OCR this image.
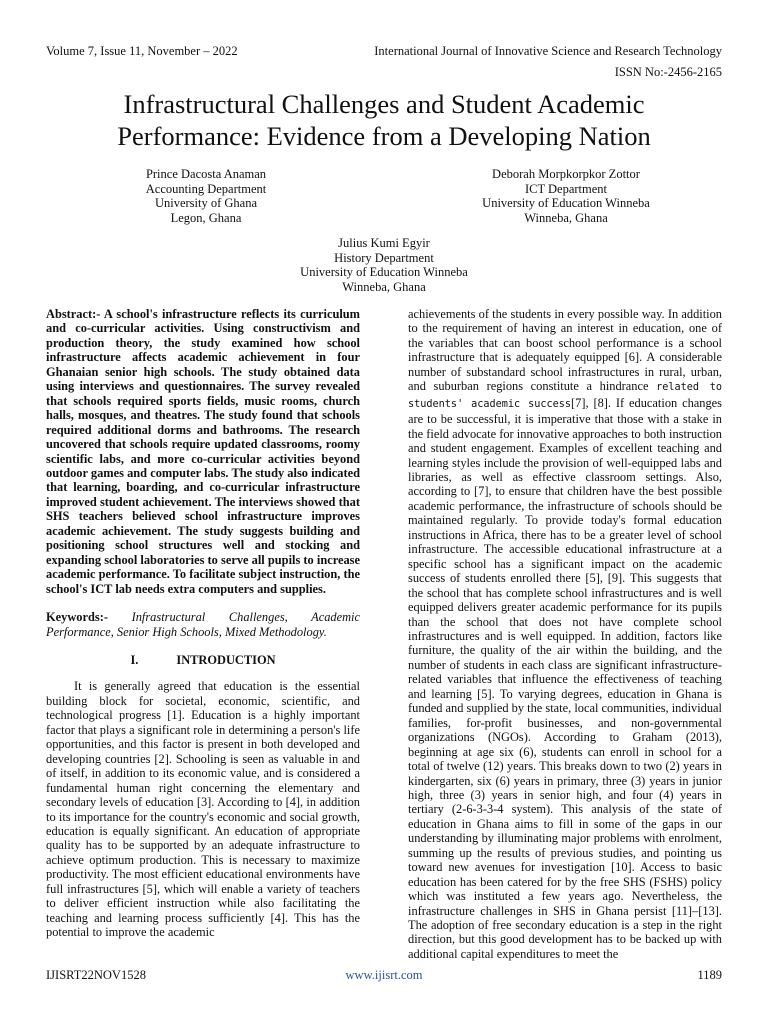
Volume 7, Issue 11, November – 2022	International Journal of Innovative Science and Research Technology
ISSN No:-2456-2165
Infrastructural Challenges and Student Academic
Performance: Evidence from a Developing Nation
Prince Dacosta Anaman
Accounting Department
University of Ghana
Legon, Ghana
Deborah Morpkorpkor Zottor
ICT Department
University of Education Winneba
Winneba, Ghana
Julius Kumi Egyir
History Department
University of Education Winneba
Winneba, Ghana

Abstract:- A school's infrastructure reflects its curriculum and co-curricular activities. Using constructivism and production theory, the study examined how school infrastructure affects academic achievement in four Ghanaian senior high schools. The study obtained data using interviews and questionnaires. The survey revealed that schools required sports fields, music rooms, church halls, mosques, and theatres. The study found that schools required additional dorms and bathrooms. The research uncovered that schools require updated classrooms, roomy scientific labs, and more co-curricular activities beyond outdoor games and computer labs. The study also indicated that learning, boarding, and co-curricular infrastructure improved student achievement. The interviews showed that SHS teachers believed school infrastructure improves academic achievement. The study suggests building and positioning school structures well and stocking and expanding school laboratories to serve all pupils to increase academic performance. To facilitate subject instruction, the school's ICT lab needs extra computers and supplies.

Keywords:- Infrastructural Challenges, Academic Performance, Senior High Schools, Mixed Methodology.

I.	INTRODUCTION

It is generally agreed that education is the essential building block for societal, economic, scientific, and technological progress [1]. Education is a highly important factor that plays a significant role in determining a person's life opportunities, and this factor is present in both developed and developing countries [2]. Schooling is seen as valuable in and of itself, in addition to its economic value, and is considered a fundamental human right concerning the elementary and secondary levels of education [3]. According to [4], in addition to its importance for the country's economic and social growth, education is equally significant. An education of appropriate quality has to be supported by an adequate infrastructure to achieve optimum production. This is necessary to maximize productivity. The most efficient educational environments have full infrastructures [5], which will enable a variety of teachers to deliver efficient instruction while also facilitating the teaching and learning process sufficiently [4]. This has the potential to improve the academic

achievements of the students in every possible way. In addition to the requirement of having an interest in education, one of the variables that can boost school performance is a school infrastructure that is adequately equipped [6]. A considerable number of substandard school infrastructures in rural, urban, and suburban regions constitute a hindrance related to students' academic success[7], [8]. If education changes are to be successful, it is imperative that those with a stake in the field advocate for innovative approaches to both instruction and student engagement. Examples of excellent teaching and learning styles include the provision of well-equipped labs and libraries, as well as effective classroom settings. Also, according to [7], to ensure that children have the best possible academic performance, the infrastructure of schools should be maintained regularly. To provide today's formal education instructions in Africa, there has to be a greater level of school infrastructure. The accessible educational infrastructure at a specific school has a significant impact on the academic success of students enrolled there [5], [9]. This suggests that the school that has complete school infrastructures and is well equipped delivers greater academic performance for its pupils than the school that does not have complete school infrastructures and is well equipped. In addition, factors like furniture, the quality of the air within the building, and the number of students in each class are significant infrastructure-related variables that influence the effectiveness of teaching and learning [5]. To varying degrees, education in Ghana is funded and supplied by the state, local communities, individual families, for-profit businesses, and non-governmental organizations (NGOs). According to Graham (2013), beginning at age six (6), students can enroll in school for a total of twelve (12) years. This breaks down to two (2) years in kindergarten, six (6) years in primary, three (3) years in junior high, three (3) years in senior high, and four (4) years in tertiary (2-6-3-3-4 system). This analysis of the state of education in Ghana aims to fill in some of the gaps in our understanding by illuminating major problems with enrolment, summing up the results of previous studies, and pointing us toward new avenues for investigation [10]. Access to basic education has been catered for by the free SHS (FSHS) policy which was instituted a few years ago. Nevertheless, the infrastructure challenges in SHS in Ghana persist [11]–[13]. The adoption of free secondary education is a step in the right direction, but this good development has to be backed up with additional capital expenditures to meet the

IJISRT22NOV1528	www.ijisrt.com	1189
